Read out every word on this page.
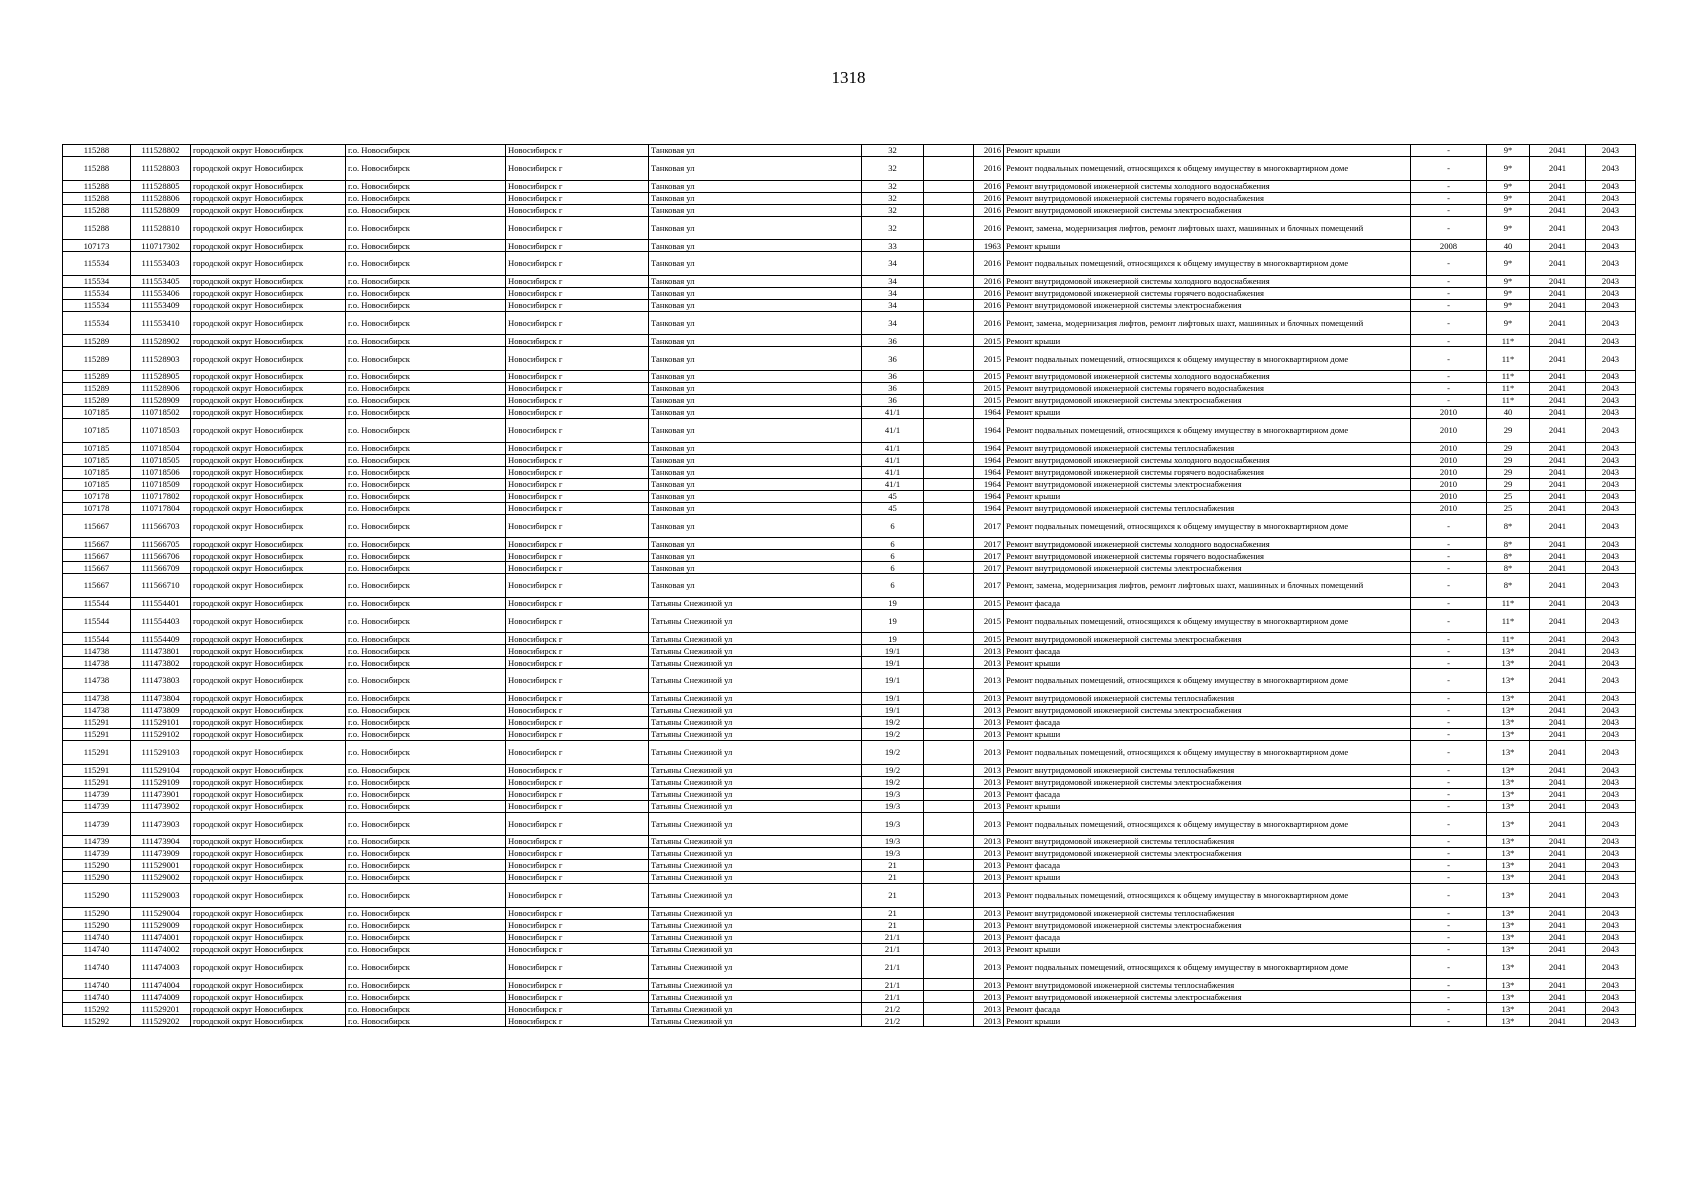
1318
115288	111528802	городской округ Новосибирск	г.о. Новосибирск	Новосибирск г	Танковая ул	32		2016	Ремонт крыши	-	9*	2041	2043
115288	111528803	городской округ Новосибирск	г.о. Новосибирск	Новосибирск г	Танковая ул	32		2016	Ремонт подвальных помещений, относящихся к общему имуществу в многоквартирном доме	-	9*	2041	2043
115288	111528805	городской округ Новосибирск	г.о. Новосибирск	Новосибирск г	Танковая ул	32		2016	Ремонт внутридомовой инженерной системы холодного водоснабжения	-	9*	2041	2043
115288	111528806	городской округ Новосибирск	г.о. Новосибирск	Новосибирск г	Танковая ул	32		2016	Ремонт внутридомовой инженерной системы горячего водоснабжения	-	9*	2041	2043
115288	111528809	городской округ Новосибирск	г.о. Новосибирск	Новосибирск г	Танковая ул	32		2016	Ремонт внутридомовой инженерной системы электроснабжения	-	9*	2041	2043
115288	111528810	городской округ Новосибирск	г.о. Новосибирск	Новосибирск г	Танковая ул	32		2016	Ремонт, замена, модернизация лифтов, ремонт лифтовых шахт, машинных и блочных помещений	-	9*	2041	2043
107173	110717302	городской округ Новосибирск	г.о. Новосибирск	Новосибирск г	Танковая ул	33		1963	Ремонт крыши	2008	40	2041	2043
115534	111553403	городской округ Новосибирск	г.о. Новосибирск	Новосибирск г	Танковая ул	34		2016	Ремонт подвальных помещений, относящихся к общему имуществу в многоквартирном доме	-	9*	2041	2043
115534	111553405	городской округ Новосибирск	г.о. Новосибирск	Новосибирск г	Танковая ул	34		2016	Ремонт внутридомовой инженерной системы холодного водоснабжения	-	9*	2041	2043
115534	111553406	городской округ Новосибирск	г.о. Новосибирск	Новосибирск г	Танковая ул	34		2016	Ремонт внутридомовой инженерной системы горячего водоснабжения	-	9*	2041	2043
115534	111553409	городской округ Новосибирск	г.о. Новосибирск	Новосибирск г	Танковая ул	34		2016	Ремонт внутридомовой инженерной системы электроснабжения	-	9*	2041	2043
115534	111553410	городской округ Новосибирск	г.о. Новосибирск	Новосибирск г	Танковая ул	34		2016	Ремонт, замена, модернизация лифтов, ремонт лифтовых шахт, машинных и блочных помещений	-	9*	2041	2043
115289	111528902	городской округ Новосибирск	г.о. Новосибирск	Новосибирск г	Танковая ул	36		2015	Ремонт крыши	-	11*	2041	2043
115289	111528903	городской округ Новосибирск	г.о. Новосибирск	Новосибирск г	Танковая ул	36		2015	Ремонт подвальных помещений, относящихся к общему имуществу в многоквартирном доме	-	11*	2041	2043
115289	111528905	городской округ Новосибирск	г.о. Новосибирск	Новосибирск г	Танковая ул	36		2015	Ремонт внутридомовой инженерной системы холодного водоснабжения	-	11*	2041	2043
115289	111528906	городской округ Новосибирск	г.о. Новосибирск	Новосибирск г	Танковая ул	36		2015	Ремонт внутридомовой инженерной системы горячего водоснабжения	-	11*	2041	2043
115289	111528909	городской округ Новосибирск	г.о. Новосибирск	Новосибирск г	Танковая ул	36		2015	Ремонт внутридомовой инженерной системы электроснабжения	-	11*	2041	2043
107185	110718502	городской округ Новосибирск	г.о. Новосибирск	Новосибирск г	Танковая ул	41/1		1964	Ремонт крыши	2010	40	2041	2043
107185	110718503	городской округ Новосибирск	г.о. Новосибирск	Новосибирск г	Танковая ул	41/1		1964	Ремонт подвальных помещений, относящихся к общему имуществу в многоквартирном доме	2010	29	2041	2043
107185	110718504	городской округ Новосибирск	г.о. Новосибирск	Новосибирск г	Танковая ул	41/1		1964	Ремонт внутридомовой инженерной системы теплоснабжения	2010	29	2041	2043
107185	110718505	городской округ Новосибирск	г.о. Новосибирск	Новосибирск г	Танковая ул	41/1		1964	Ремонт внутридомовой инженерной системы холодного водоснабжения	2010	29	2041	2043
107185	110718506	городской округ Новосибирск	г.о. Новосибирск	Новосибирск г	Танковая ул	41/1		1964	Ремонт внутридомовой инженерной системы горячего водоснабжения	2010	29	2041	2043
107185	110718509	городской округ Новосибирск	г.о. Новосибирск	Новосибирск г	Танковая ул	41/1		1964	Ремонт внутридомовой инженерной системы электроснабжения	2010	29	2041	2043
107178	110717802	городской округ Новосибирск	г.о. Новосибирск	Новосибирск г	Танковая ул	45		1964	Ремонт крыши	2010	25	2041	2043
107178	110717804	городской округ Новосибирск	г.о. Новосибирск	Новосибирск г	Танковая ул	45		1964	Ремонт внутридомовой инженерной системы теплоснабжения	2010	25	2041	2043
115667	111566703	городской округ Новосибирск	г.о. Новосибирск	Новосибирск г	Танковая ул	6		2017	Ремонт подвальных помещений, относящихся к общему имуществу в многоквартирном доме	-	8*	2041	2043
115667	111566705	городской округ Новосибирск	г.о. Новосибирск	Новосибирск г	Танковая ул	6		2017	Ремонт внутридомовой инженерной системы холодного водоснабжения	-	8*	2041	2043
115667	111566706	городской округ Новосибирск	г.о. Новосибирск	Новосибирск г	Танковая ул	6		2017	Ремонт внутридомовой инженерной системы горячего водоснабжения	-	8*	2041	2043
115667	111566709	городской округ Новосибирск	г.о. Новосибирск	Новосибирск г	Танковая ул	6		2017	Ремонт внутридомовой инженерной системы электроснабжения	-	8*	2041	2043
115667	111566710	городской округ Новосибирск	г.о. Новосибирск	Новосибирск г	Танковая ул	6		2017	Ремонт, замена, модернизация лифтов, ремонт лифтовых шахт, машинных и блочных помещений	-	8*	2041	2043
115544	111554401	городской округ Новосибирск	г.о. Новосибирск	Новосибирск г	Татьяны Снежиной ул	19		2015	Ремонт фасада	-	11*	2041	2043
115544	111554403	городской округ Новосибирск	г.о. Новосибирск	Новосибирск г	Татьяны Снежиной ул	19		2015	Ремонт подвальных помещений, относящихся к общему имуществу в многоквартирном доме	-	11*	2041	2043
115544	111554409	городской округ Новосибирск	г.о. Новосибирск	Новосибирск г	Татьяны Снежиной ул	19		2015	Ремонт внутридомовой инженерной системы электроснабжения	-	11*	2041	2043
114738	111473801	городской округ Новосибирск	г.о. Новосибирск	Новосибирск г	Татьяны Снежиной ул	19/1		2013	Ремонт фасада	-	13*	2041	2043
114738	111473802	городской округ Новосибирск	г.о. Новосибирск	Новосибирск г	Татьяны Снежиной ул	19/1		2013	Ремонт крыши	-	13*	2041	2043
114738	111473803	городской округ Новосибирск	г.о. Новосибирск	Новосибирск г	Татьяны Снежиной ул	19/1		2013	Ремонт подвальных помещений, относящихся к общему имуществу в многоквартирном доме	-	13*	2041	2043
114738	111473804	городской округ Новосибирск	г.о. Новосибирск	Новосибирск г	Татьяны Снежиной ул	19/1		2013	Ремонт внутридомовой инженерной системы теплоснабжения	-	13*	2041	2043
114738	111473809	городской округ Новосибирск	г.о. Новосибирск	Новосибирск г	Татьяны Снежиной ул	19/1		2013	Ремонт внутридомовой инженерной системы электроснабжения	-	13*	2041	2043
115291	111529101	городской округ Новосибирск	г.о. Новосибирск	Новосибирск г	Татьяны Снежиной ул	19/2		2013	Ремонт фасада	-	13*	2041	2043
115291	111529102	городской округ Новосибирск	г.о. Новосибирск	Новосибирск г	Татьяны Снежиной ул	19/2		2013	Ремонт крыши	-	13*	2041	2043
115291	111529103	городской округ Новосибирск	г.о. Новосибирск	Новосибирск г	Татьяны Снежиной ул	19/2		2013	Ремонт подвальных помещений, относящихся к общему имуществу в многоквартирном доме	-	13*	2041	2043
115291	111529104	городской округ Новосибирск	г.о. Новосибирск	Новосибирск г	Татьяны Снежиной ул	19/2		2013	Ремонт внутридомовой инженерной системы теплоснабжения	-	13*	2041	2043
115291	111529109	городской округ Новосибирск	г.о. Новосибирск	Новосибирск г	Татьяны Снежиной ул	19/2		2013	Ремонт внутридомовой инженерной системы электроснабжения	-	13*	2041	2043
114739	111473901	городской округ Новосибирск	г.о. Новосибирск	Новосибирск г	Татьяны Снежиной ул	19/3		2013	Ремонт фасада	-	13*	2041	2043
114739	111473902	городской округ Новосибирск	г.о. Новосибирск	Новосибирск г	Татьяны Снежиной ул	19/3		2013	Ремонт крыши	-	13*	2041	2043
114739	111473903	городской округ Новосибирск	г.о. Новосибирск	Новосибирск г	Татьяны Снежиной ул	19/3		2013	Ремонт подвальных помещений, относящихся к общему имуществу в многоквартирном доме	-	13*	2041	2043
114739	111473904	городской округ Новосибирск	г.о. Новосибирск	Новосибирск г	Татьяны Снежиной ул	19/3		2013	Ремонт внутридомовой инженерной системы теплоснабжения	-	13*	2041	2043
114739	111473909	городской округ Новосибирск	г.о. Новосибирск	Новосибирск г	Татьяны Снежиной ул	19/3		2013	Ремонт внутридомовой инженерной системы электроснабжения	-	13*	2041	2043
115290	111529001	городской округ Новосибирск	г.о. Новосибирск	Новосибирск г	Татьяны Снежиной ул	21		2013	Ремонт фасада	-	13*	2041	2043
115290	111529002	городской округ Новосибирск	г.о. Новосибирск	Новосибирск г	Татьяны Снежиной ул	21		2013	Ремонт крыши	-	13*	2041	2043
115290	111529003	городской округ Новосибирск	г.о. Новосибирск	Новосибирск г	Татьяны Снежиной ул	21		2013	Ремонт подвальных помещений, относящихся к общему имуществу в многоквартирном доме	-	13*	2041	2043
115290	111529004	городской округ Новосибирск	г.о. Новосибирск	Новосибирск г	Татьяны Снежиной ул	21		2013	Ремонт внутридомовой инженерной системы теплоснабжения	-	13*	2041	2043
115290	111529009	городской округ Новосибирск	г.о. Новосибирск	Новосибирск г	Татьяны Снежиной ул	21		2013	Ремонт внутридомовой инженерной системы электроснабжения	-	13*	2041	2043
114740	111474001	городской округ Новосибирск	г.о. Новосибирск	Новосибирск г	Татьяны Снежиной ул	21/1		2013	Ремонт фасада	-	13*	2041	2043
114740	111474002	городской округ Новосибирск	г.о. Новосибирск	Новосибирск г	Татьяны Снежиной ул	21/1		2013	Ремонт крыши	-	13*	2041	2043
114740	111474003	городской округ Новосибирск	г.о. Новосибирск	Новосибирск г	Татьяны Снежиной ул	21/1		2013	Ремонт подвальных помещений, относящихся к общему имуществу в многоквартирном доме	-	13*	2041	2043
114740	111474004	городской округ Новосибирск	г.о. Новосибирск	Новосибирск г	Татьяны Снежиной ул	21/1		2013	Ремонт внутридомовой инженерной системы теплоснабжения	-	13*	2041	2043
114740	111474009	городской округ Новосибирск	г.о. Новосибирск	Новосибирск г	Татьяны Снежиной ул	21/1		2013	Ремонт внутридомовой инженерной системы электроснабжения	-	13*	2041	2043
115292	111529201	городской округ Новосибирск	г.о. Новосибирск	Новосибирск г	Татьяны Снежиной ул	21/2		2013	Ремонт фасада	-	13*	2041	2043
115292	111529202	городской округ Новосибирск	г.о. Новосибирск	Новосибирск г	Татьяны Снежиной ул	21/2		2013	Ремонт крыши	-	13*	2041	2043
